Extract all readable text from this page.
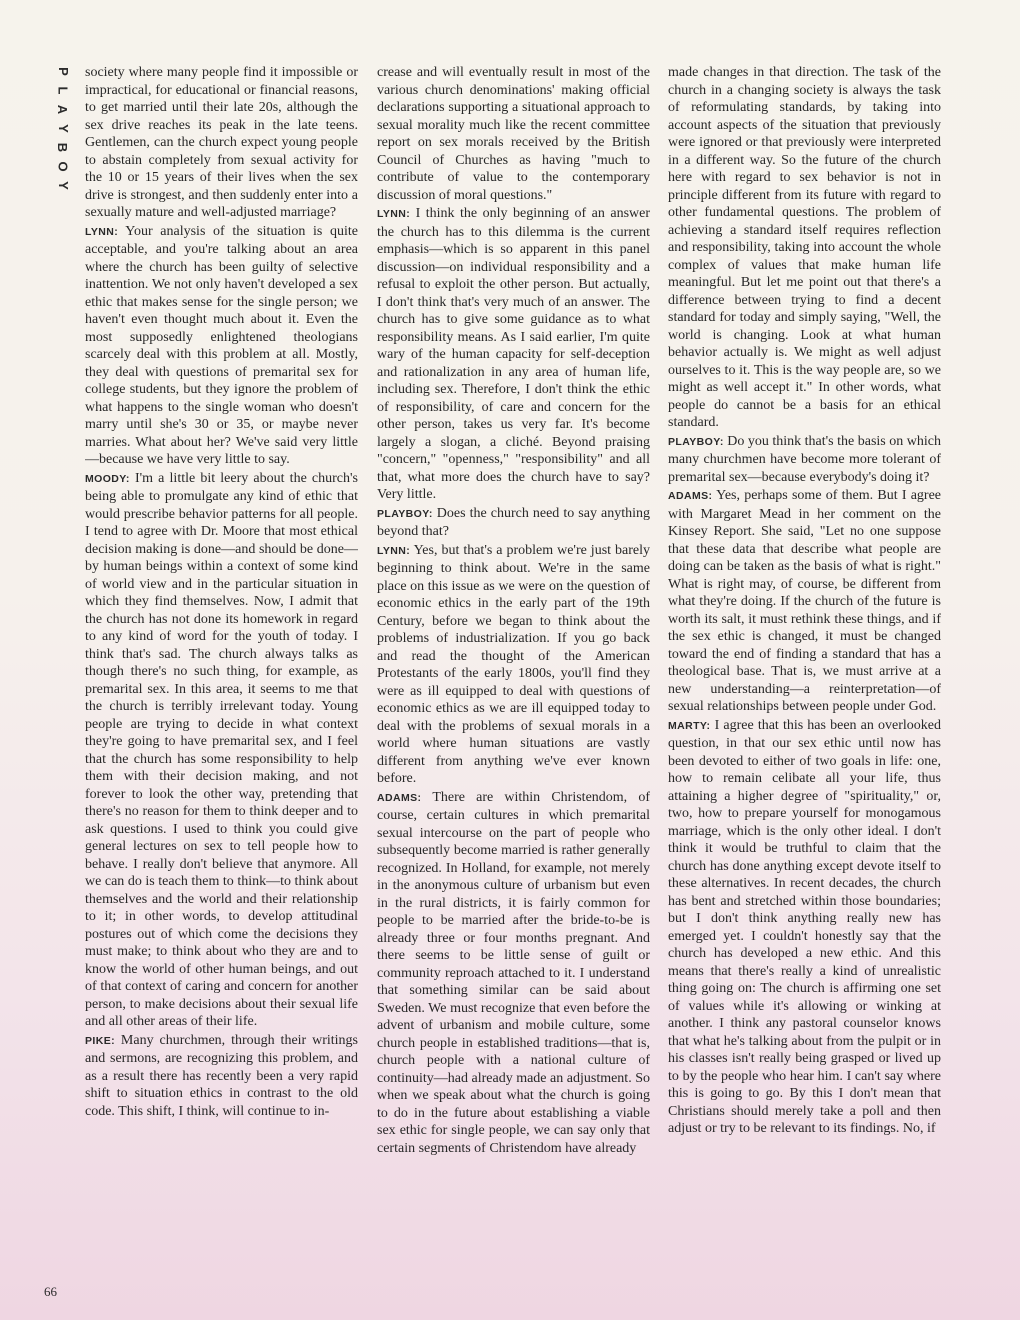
P
L
A
Y
B
O
Y

society where many people find it impossible or impractical, for educational or financial reasons, to get married until their late 20s, although the sex drive reaches its peak in the late teens. Gentlemen, can the church expect young people to abstain completely from sexual activity for the 10 or 15 years of their lives when the sex drive is strongest, and then suddenly enter into a sexually mature and well-adjusted marriage?

LYNN: Your analysis of the situation is quite acceptable, and you're talking about an area where the church has been guilty of selective inattention. We not only haven't developed a sex ethic that makes sense for the single person; we haven't even thought much about it. Even the most supposedly enlightened theologians scarcely deal with this problem at all. Mostly, they deal with questions of premarital sex for college students, but they ignore the problem of what happens to the single woman who doesn't marry until she's 30 or 35, or maybe never marries. What about her? We've said very little—because we have very little to say.

MOODY: I'm a little bit leery about the church's being able to promulgate any kind of ethic that would prescribe behavior patterns for all people. I tend to agree with Dr. Moore that most ethical decision making is done—and should be done—by human beings within a context of some kind of world view and in the particular situation in which they find themselves. Now, I admit that the church has not done its homework in regard to any kind of word for the youth of today. I think that's sad. The church always talks as though there's no such thing, for example, as premarital sex. In this area, it seems to me that the church is terribly irrelevant today. Young people are trying to decide in what context they're going to have premarital sex, and I feel that the church has some responsibility to help them with their decision making, and not forever to look the other way, pretending that there's no reason for them to think deeper and to ask questions. I used to think you could give general lectures on sex to tell people how to behave. I really don't believe that anymore. All we can do is teach them to think—to think about themselves and the world and their relationship to it; in other words, to develop attitudinal postures out of which come the decisions they must make; to think about who they are and to know the world of other human beings, and out of that context of caring and concern for another person, to make decisions about their sexual life and all other areas of their life.

PIKE: Many churchmen, through their writings and sermons, are recognizing this problem, and as a result there has recently been a very rapid shift to situation ethics in contrast to the old code. This shift, I think, will continue to in-

crease and will eventually result in most of the various church denominations' making official declarations supporting a situational approach to sexual morality much like the recent committee report on sex morals received by the British Council of Churches as having "much to contribute of value to the contemporary discussion of moral questions."

LYNN: I think the only beginning of an answer the church has to this dilemma is the current emphasis—which is so apparent in this panel discussion—on individual responsibility and a refusal to exploit the other person. But actually, I don't think that's very much of an answer. The church has to give some guidance as to what responsibility means. As I said earlier, I'm quite wary of the human capacity for self-deception and rationalization in any area of human life, including sex. Therefore, I don't think the ethic of responsibility, of care and concern for the other person, takes us very far. It's become largely a slogan, a cliché. Beyond praising "concern," "openness," "responsibility" and all that, what more does the church have to say? Very little.

PLAYBOY: Does the church need to say anything beyond that?

LYNN: Yes, but that's a problem we're just barely beginning to think about. We're in the same place on this issue as we were on the question of economic ethics in the early part of the 19th Century, before we began to think about the problems of industrialization. If you go back and read the thought of the American Protestants of the early 1800s, you'll find they were as ill equipped to deal with questions of economic ethics as we are ill equipped today to deal with the problems of sexual morals in a world where human situations are vastly different from anything we've ever known before.

ADAMS: There are within Christendom, of course, certain cultures in which premarital sexual intercourse on the part of people who subsequently become married is rather generally recognized. In Holland, for example, not merely in the anonymous culture of urbanism but even in the rural districts, it is fairly common for people to be married after the bride-to-be is already three or four months pregnant. And there seems to be little sense of guilt or community reproach attached to it. I understand that something similar can be said about Sweden. We must recognize that even before the advent of urbanism and mobile culture, some church people in established traditions—that is, church people with a national culture of continuity—had already made an adjustment. So when we speak about what the church is going to do in the future about establishing a viable sex ethic for single people, we can say only that certain segments of Christendom have already

made changes in that direction. The task of the church in a changing society is always the task of reformulating standards, by taking into account aspects of the situation that previously were ignored or that previously were interpreted in a different way. So the future of the church here with regard to sex behavior is not in principle different from its future with regard to other fundamental questions. The problem of achieving a standard itself requires reflection and responsibility, taking into account the whole complex of values that make human life meaningful. But let me point out that there's a difference between trying to find a decent standard for today and simply saying, "Well, the world is changing. Look at what human behavior actually is. We might as well adjust ourselves to it. This is the way people are, so we might as well accept it." In other words, what people do cannot be a basis for an ethical standard.

PLAYBOY: Do you think that's the basis on which many churchmen have become more tolerant of premarital sex—because everybody's doing it?

ADAMS: Yes, perhaps some of them. But I agree with Margaret Mead in her comment on the Kinsey Report. She said, "Let no one suppose that these data that describe what people are doing can be taken as the basis of what is right." What is right may, of course, be different from what they're doing. If the church of the future is worth its salt, it must rethink these things, and if the sex ethic is changed, it must be changed toward the end of finding a standard that has a theological base. That is, we must arrive at a new understanding—a reinterpretation—of sexual relationships between people under God.

MARTY: I agree that this has been an overlooked question, in that our sex ethic until now has been devoted to either of two goals in life: one, how to remain celibate all your life, thus attaining a higher degree of "spirituality," or, two, how to prepare yourself for monogamous marriage, which is the only other ideal. I don't think it would be truthful to claim that the church has done anything except devote itself to these alternatives. In recent decades, the church has bent and stretched within those boundaries; but I don't think anything really new has emerged yet. I couldn't honestly say that the church has developed a new ethic. And this means that there's really a kind of unrealistic thing going on: The church is affirming one set of values while it's allowing or winking at another. I think any pastoral counselor knows that what he's talking about from the pulpit or in his classes isn't really being grasped or lived up to by the people who hear him. I can't say where this is going to go. By this I don't mean that Christians should merely take a poll and then adjust or try to be relevant to its findings. No, if

66
